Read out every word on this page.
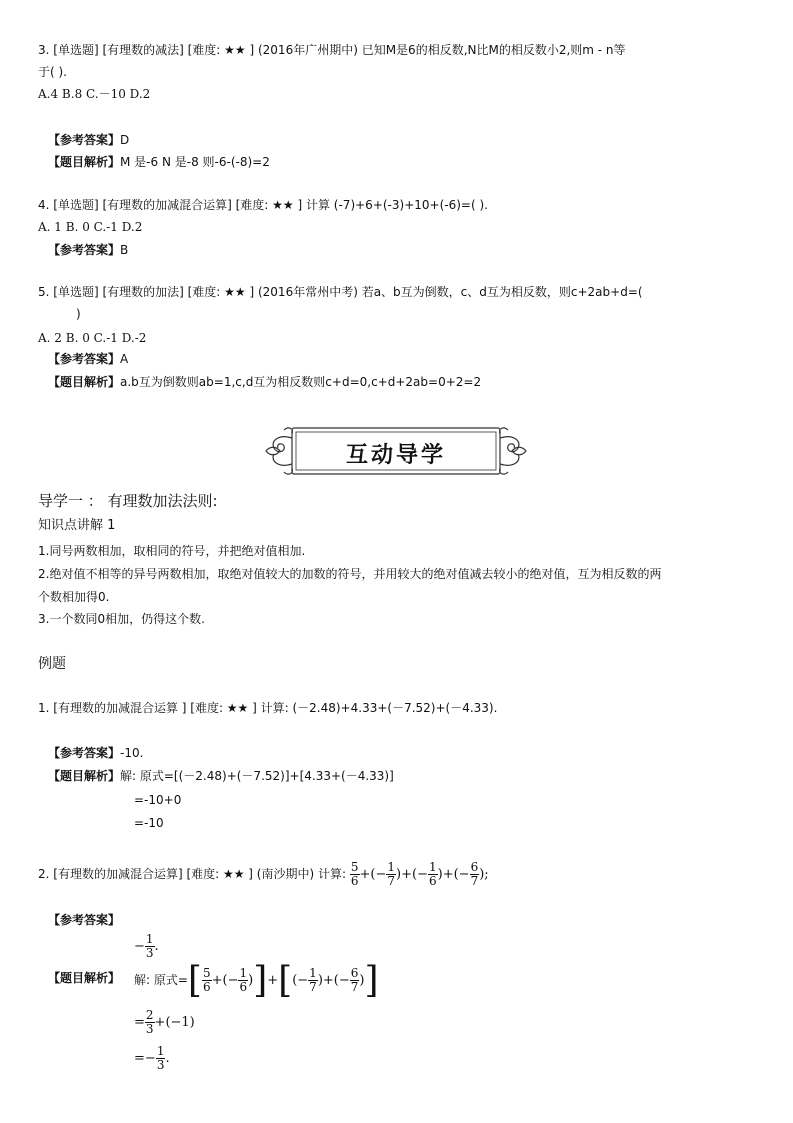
3. [单选题] [有理数的减法] [难度: ★★ ] (2016年广州期中) 已知M是6的相反数,N比M的相反数小2,则m - n等
于( ).
A.4 B.8 C.－10 D.2
【参考答案】D
【题目解析】M 是-6 N 是-8 则-6-(-8)=2
4. [单选题] [有理数的加减混合运算] [难度: ★★ ] 计算 (-7)+6+(-3)+10+(-6)=( ).
A. 1 B. 0 C.-1 D.2
【参考答案】B
5. [单选题] [有理数的加法] [难度: ★★ ] (2016年常州中考) 若a、b互为倒数，c、d互为相反数，则c+2ab+d=(
)
A. 2 B. 0 C.-1 D.-2
【参考答案】A
【题目解析】a.b互为倒数则ab=1,c,d互为相反数则c+d=0,c+d+2ab=0+2=2
互动导学
导学一 ： 有理数加法法则:
知识点讲解 1
1.同号两数相加，取相同的符号，并把绝对值相加.
2.绝对值不相等的异号两数相加，取绝对值较大的加数的符号，并用较大的绝对值减去较小的绝对值，互为相反数的两
个数相加得0.
3.一个数同0相加，仍得这个数.
例题
1. [有理数的加减混合运算 ] [难度: ★★ ] 计算: (－2.48)+4.33+(－7.52)+(－4.33).
【参考答案】-10.
【题目解析】解: 原式=[(－2.48)+(－7.52)]+[4.33+(－4.33)]
=-10+0
=-10
2. [有理数的加减混合运算] [难度: ★★ ] (南沙期中) 计算: $\frac{5}{6}$ +(− $\frac{1}{7}$ )+(− $\frac{1}{6}$ )+(− $\frac{6}{7}$ );
【参考答案】
− $\frac{1}{3}$ .
【题目解析】 解: 原式=[ $\frac{5}{6}$ +(− $\frac{1}{6}$ )]+[(− $\frac{1}{7}$ )+(− $\frac{6}{7}$ )]
= $\frac{2}{3} +(-1)$
=− $\frac{1}{3}$ .
